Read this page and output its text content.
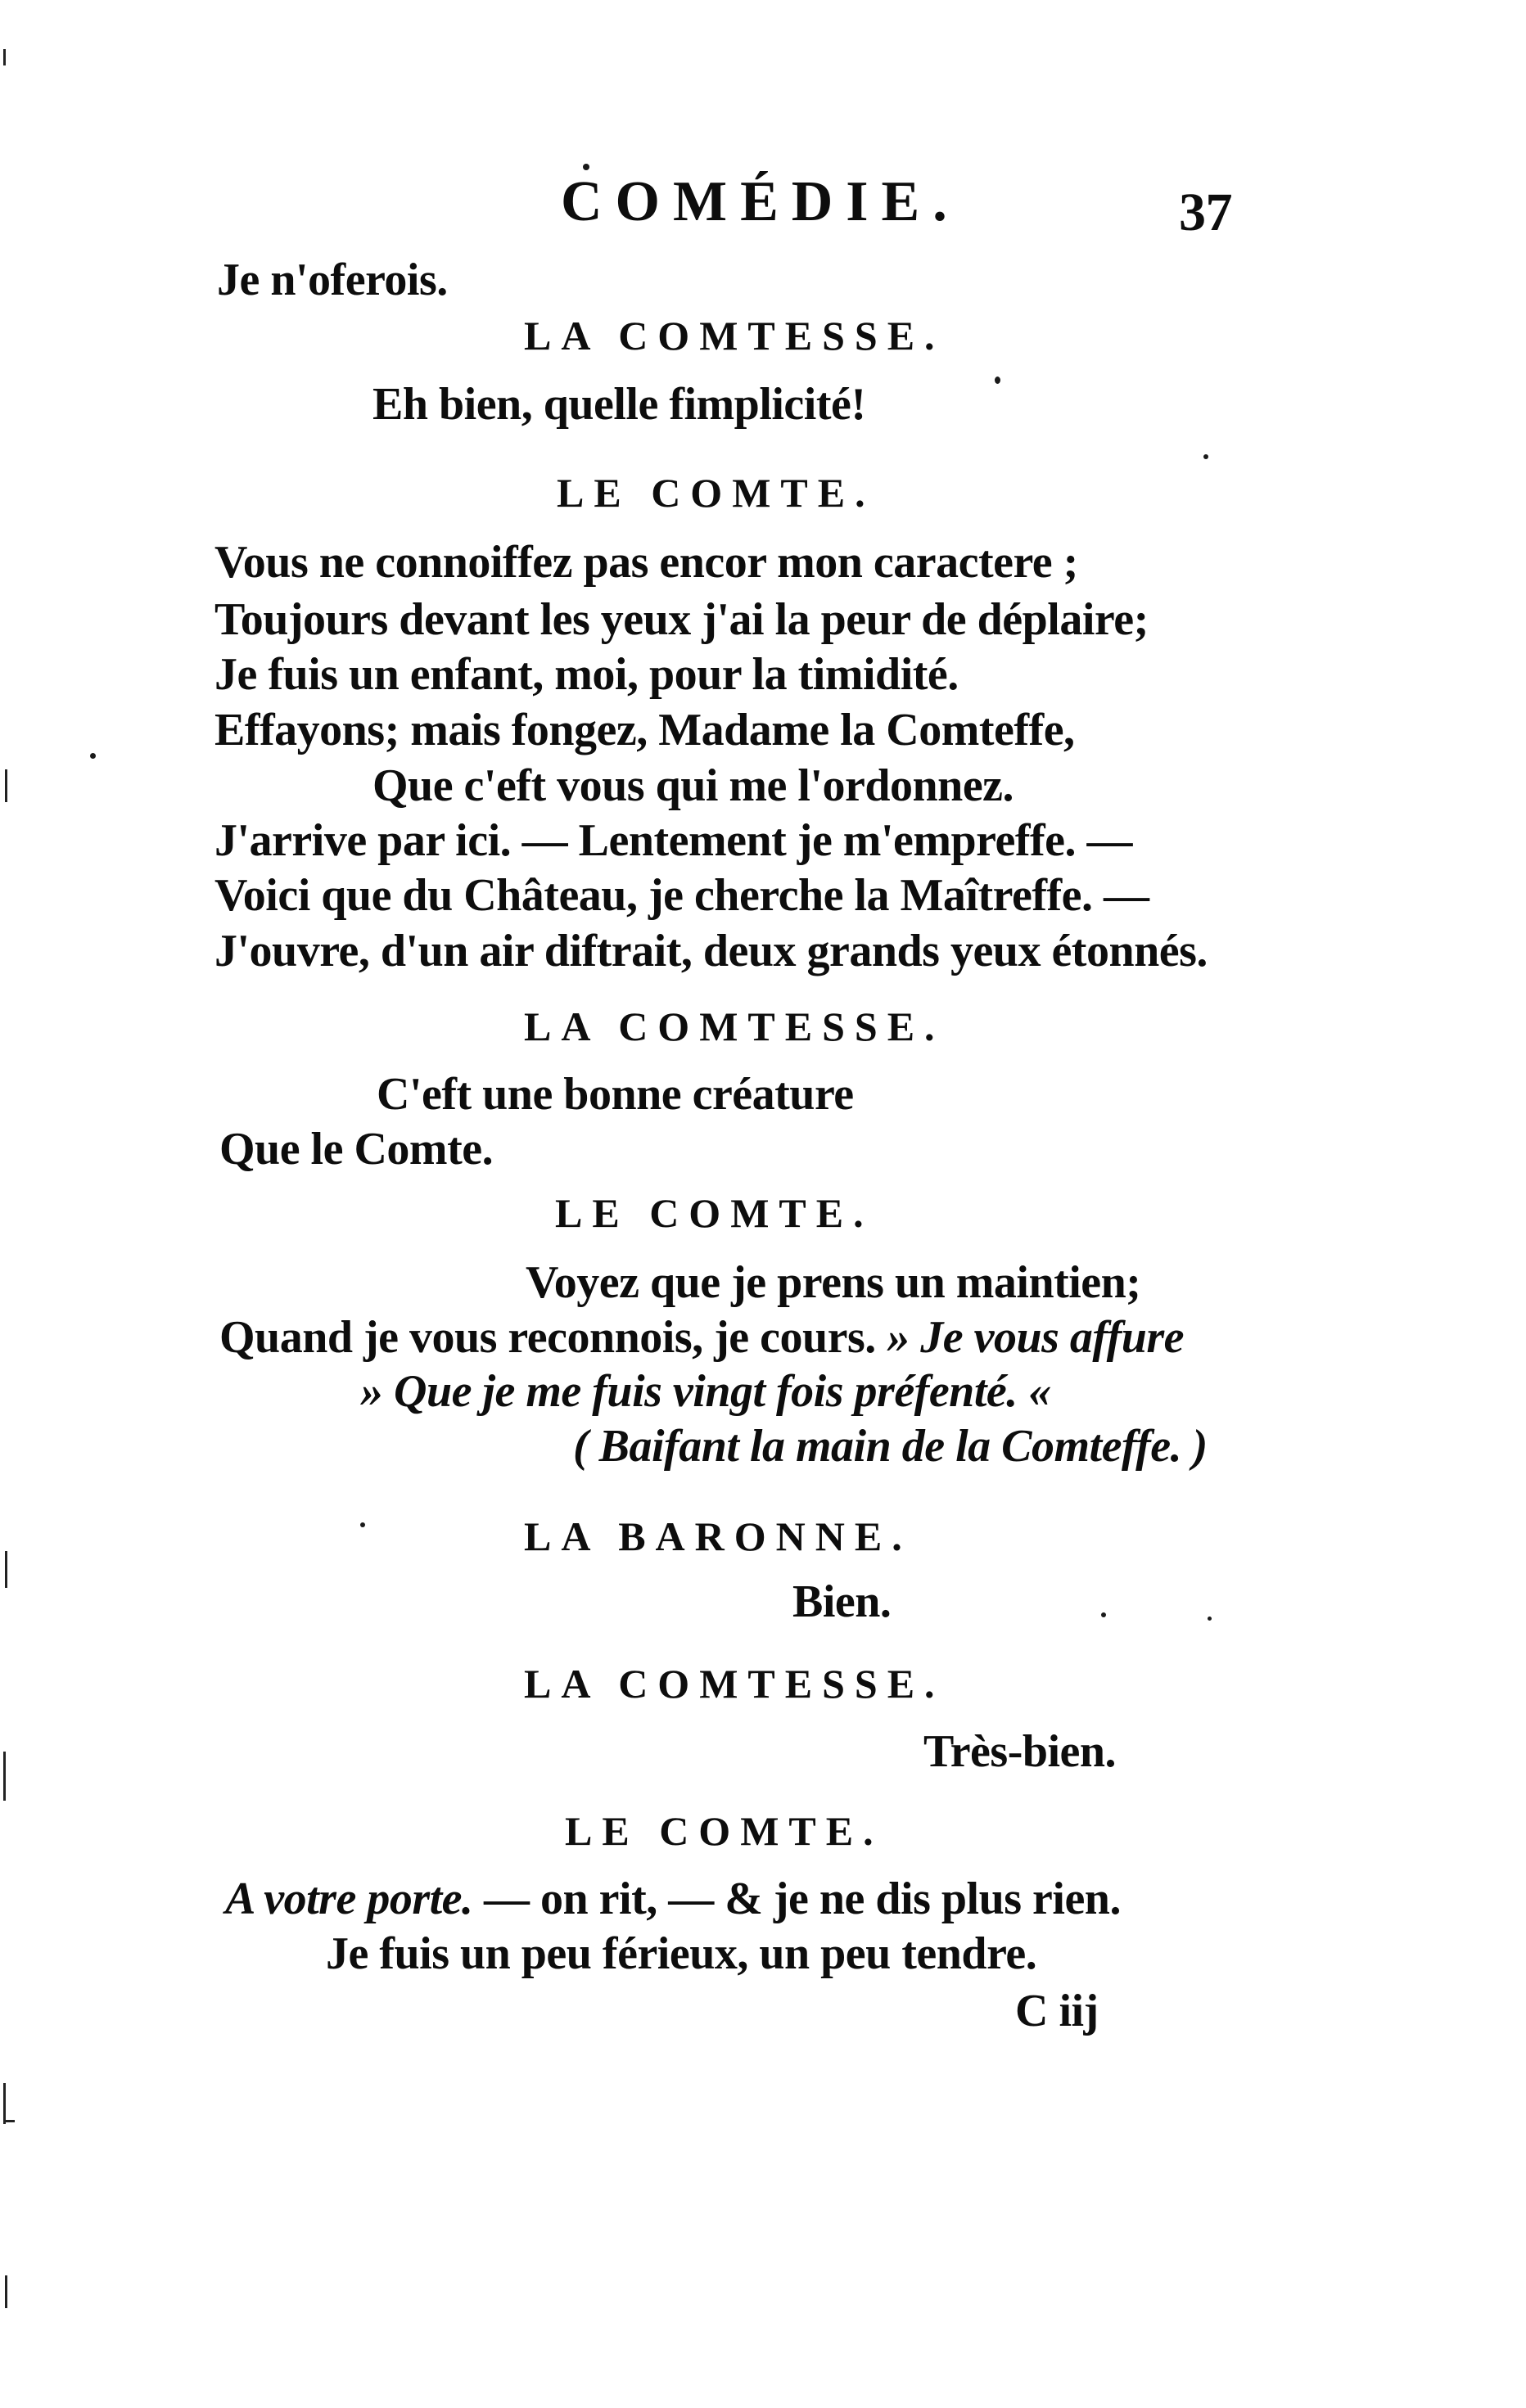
COMÉDIE.	37
Je n'oferois.
LA COMTESSE.
Eh bien, quelle fimplicité!
LE COMTE.
Vous ne connoiffez pas encor mon caractere ;
Toujours devant les yeux j'ai la peur de déplaire;
Je fuis un enfant, moi, pour la timidité.
Effayons; mais fongez, Madame la Comteffe,
Que c'eft vous qui me l'ordonnez.
J'arrive par ici. — Lentement je m'empreffe. —
Voici que du Château, je cherche la Maîtreffe. —
J'ouvre, d'un air diftrait, deux grands yeux étonnés.
LA COMTESSE.
C'eft une bonne créature
Que le Comte.
LE COMTE.
Voyez que je prens un maintien;
Quand je vous reconnois, je cours. » Je vous affure
» Que je me fuis vingt fois préfenté. «
( Baifant la main de la Comteffe. )
LA BARONNE.
Bien.
LA COMTESSE.
Très-bien.
LE COMTE.
A votre porte. — on rit, — & je ne dis plus rien.
Je fuis un peu férieux, un peu tendre.
C iij
